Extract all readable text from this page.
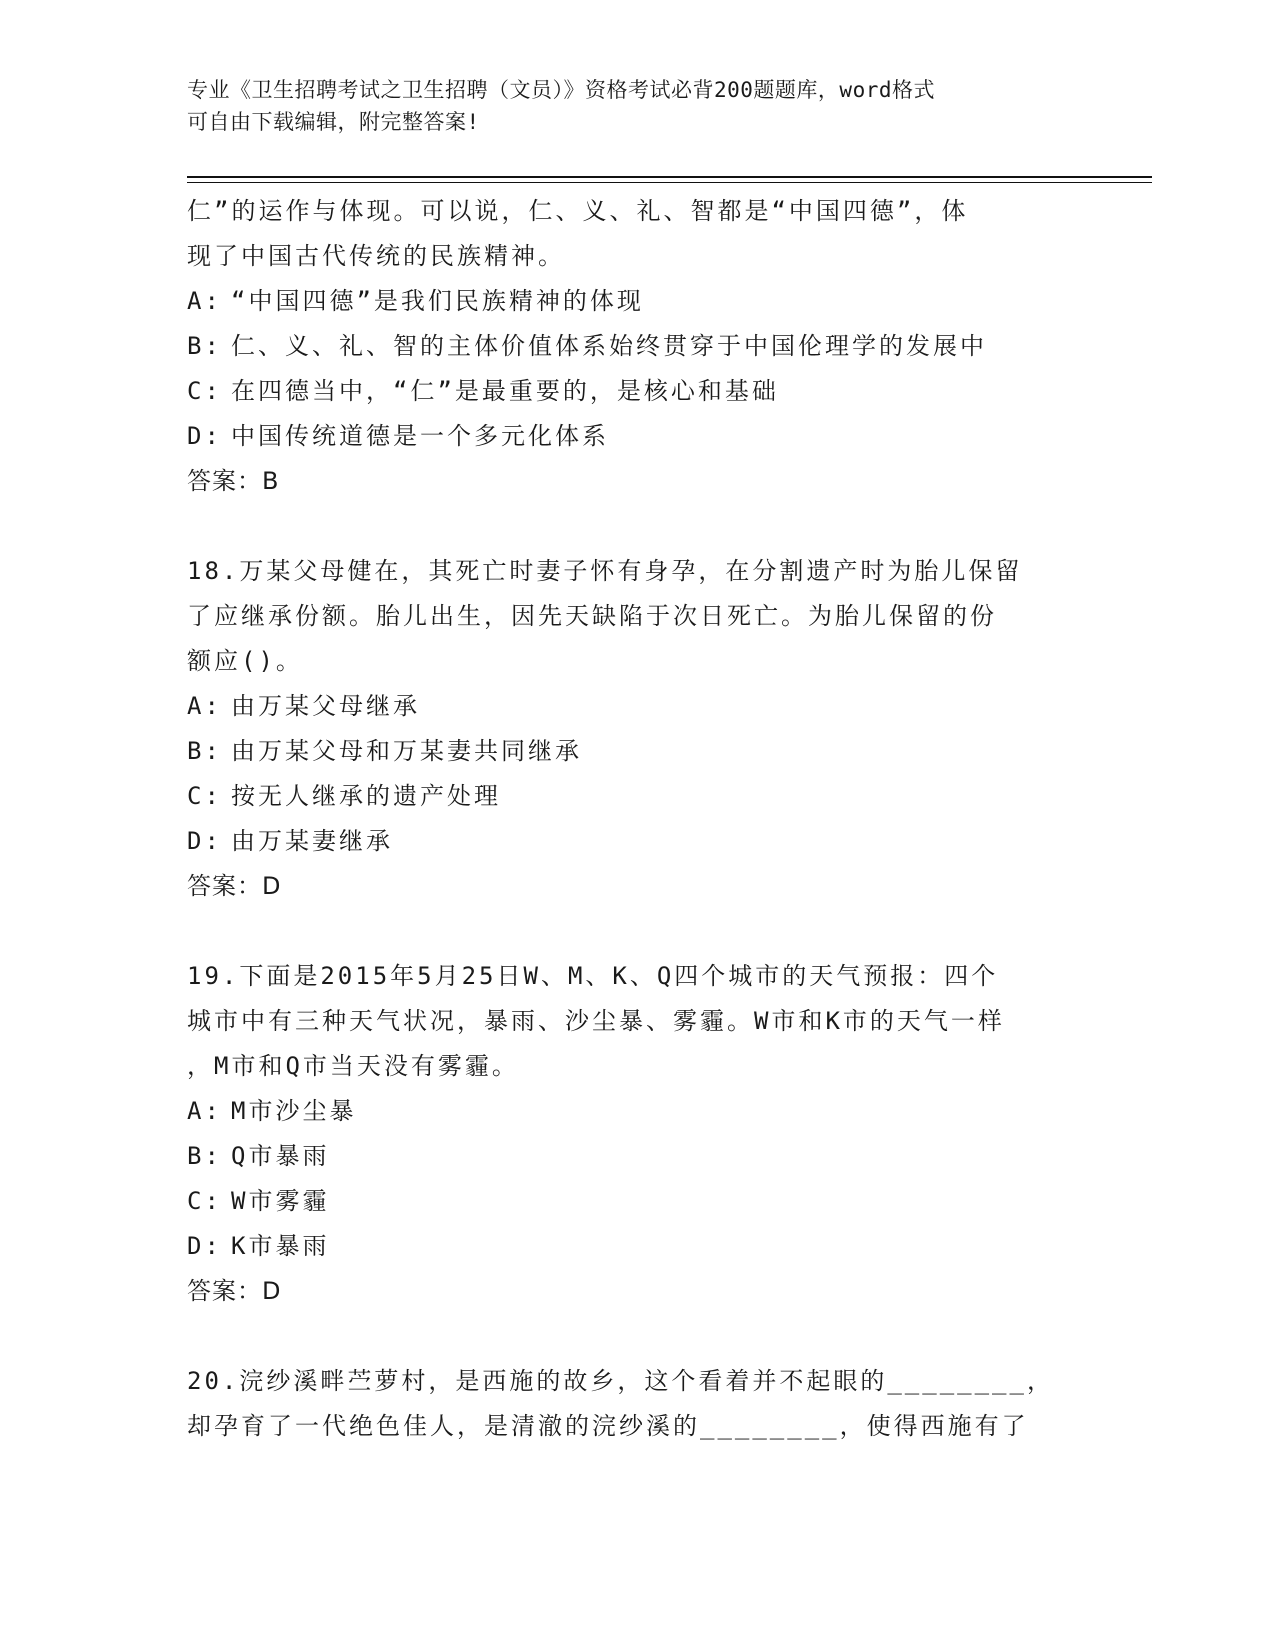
专业《卫生招聘考试之卫生招聘（文员）》资格考试必背200题题库，word格式
可自由下载编辑，附完整答案!
仁”的运作与体现。可以说，仁、义、礼、智都是“中国四德”，体
现了中国古代传统的民族精神。
A: “中国四德”是我们民族精神的体现
B: 仁、义、礼、智的主体价值体系始终贯穿于中国伦理学的发展中
C: 在四德当中，“仁”是最重要的，是核心和基础
D: 中国传统道德是一个多元化体系
答案：B
18.万某父母健在，其死亡时妻子怀有身孕，在分割遗产时为胎儿保留
了应继承份额。胎儿出生，因先天缺陷于次日死亡。为胎儿保留的份
额应()。
A: 由万某父母继承
B: 由万某父母和万某妻共同继承
C: 按无人继承的遗产处理
D: 由万某妻继承
答案：D
19.下面是2015年5月25日W、M、K、Q四个城市的天气预报：四个
城市中有三种天气状况，暴雨、沙尘暴、雾霾。W市和K市的天气一样
，M市和Q市当天没有雾霾。
A: M市沙尘暴
B: Q市暴雨
C: W市雾霾
D: K市暴雨
答案：D
20.浣纱溪畔苎萝村，是西施的故乡，这个看着并不起眼的________，
却孕育了一代绝色佳人，是清澈的浣纱溪的________，使得西施有了
